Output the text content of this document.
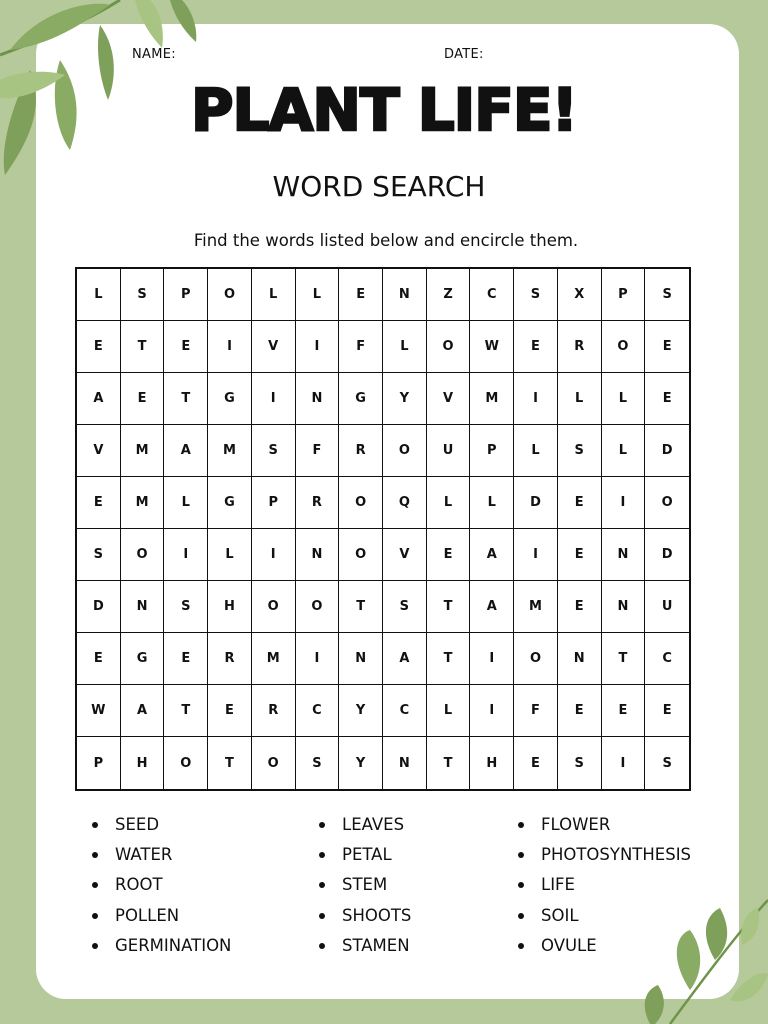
NAME:	DATE:
PLANT LIFE!
WORD SEARCH
Find the words listed below and encircle them.
L	S	P	O	L	L	E	N	Z	C	S	X	P	S
E	T	E	I	V	I	F	L	O	W	E	R	O	E
A	E	T	G	I	N	G	Y	V	M	I	L	L	E
V	M	A	M	S	F	R	O	U	P	L	S	L	D
E	M	L	G	P	R	O	Q	L	L	D	E	I	O
S	O	I	L	I	N	O	V	E	A	I	E	N	D
D	N	S	H	O	O	T	S	T	A	M	E	N	U
E	G	E	R	M	I	N	A	T	I	O	N	T	C
W	A	T	E	R	C	Y	C	L	I	F	E	E	E
P	H	O	T	O	S	Y	N	T	H	E	S	I	S
SEED
WATER
ROOT
POLLEN
GERMINATION
LEAVES
PETAL
STEM
SHOOTS
STAMEN
FLOWER
PHOTOSYNTHESIS
LIFE
SOIL
OVULE
